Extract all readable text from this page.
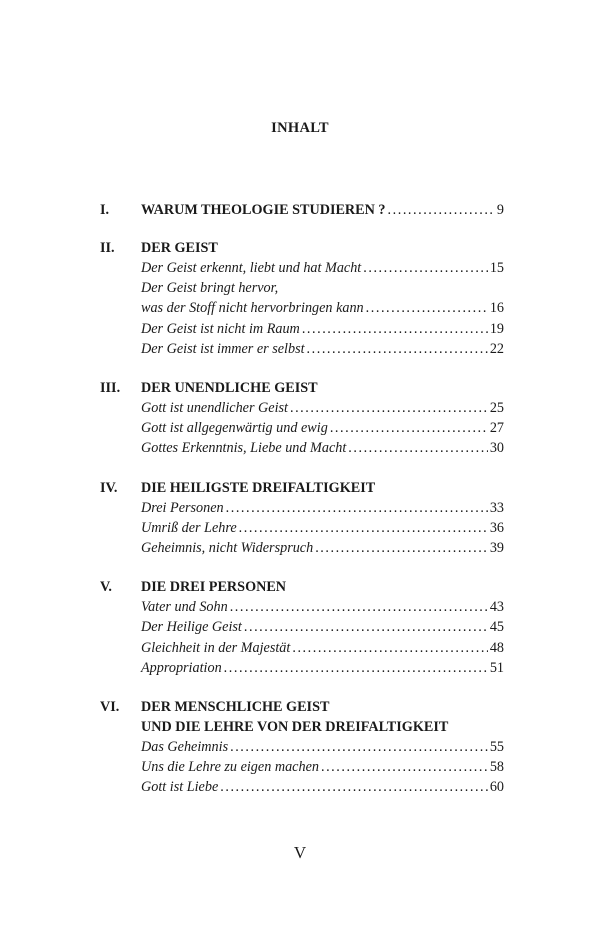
INHALT
I.	WARUM THEOLOGIE STUDIEREN ? . . .	9
II.	DER GEIST
Der Geist erkennt, liebt und hat Macht . . .	15
Der Geist bringt hervor,
was der Stoff nicht hervorbringen kann . . .	16
Der Geist ist nicht im Raum . . .	19
Der Geist ist immer er selbst . . .	22
III.	DER UNENDLICHE GEIST
Gott ist unendlicher Geist . . .	25
Gott ist allgegenwärtig und ewig . . .	27
Gottes Erkenntnis, Liebe und Macht . . .	30
IV.	DIE HEILIGSTE DREIFALTIGKEIT
Drei Personen . . .	33
Umriß der Lehre . . .	36
Geheimnis, nicht Widerspruch . . .	39
V.	DIE DREI PERSONEN
Vater und Sohn . . .	43
Der Heilige Geist . . .	45
Gleichheit in der Majestät . . .	48
Appropriation . . .	51
VI.	DER MENSCHLICHE GEIST
UND DIE LEHRE VON DER DREIFALTIGKEIT
Das Geheimnis . . .	55
Uns die Lehre zu eigen machen . . .	58
Gott ist Liebe . . .	60
V
